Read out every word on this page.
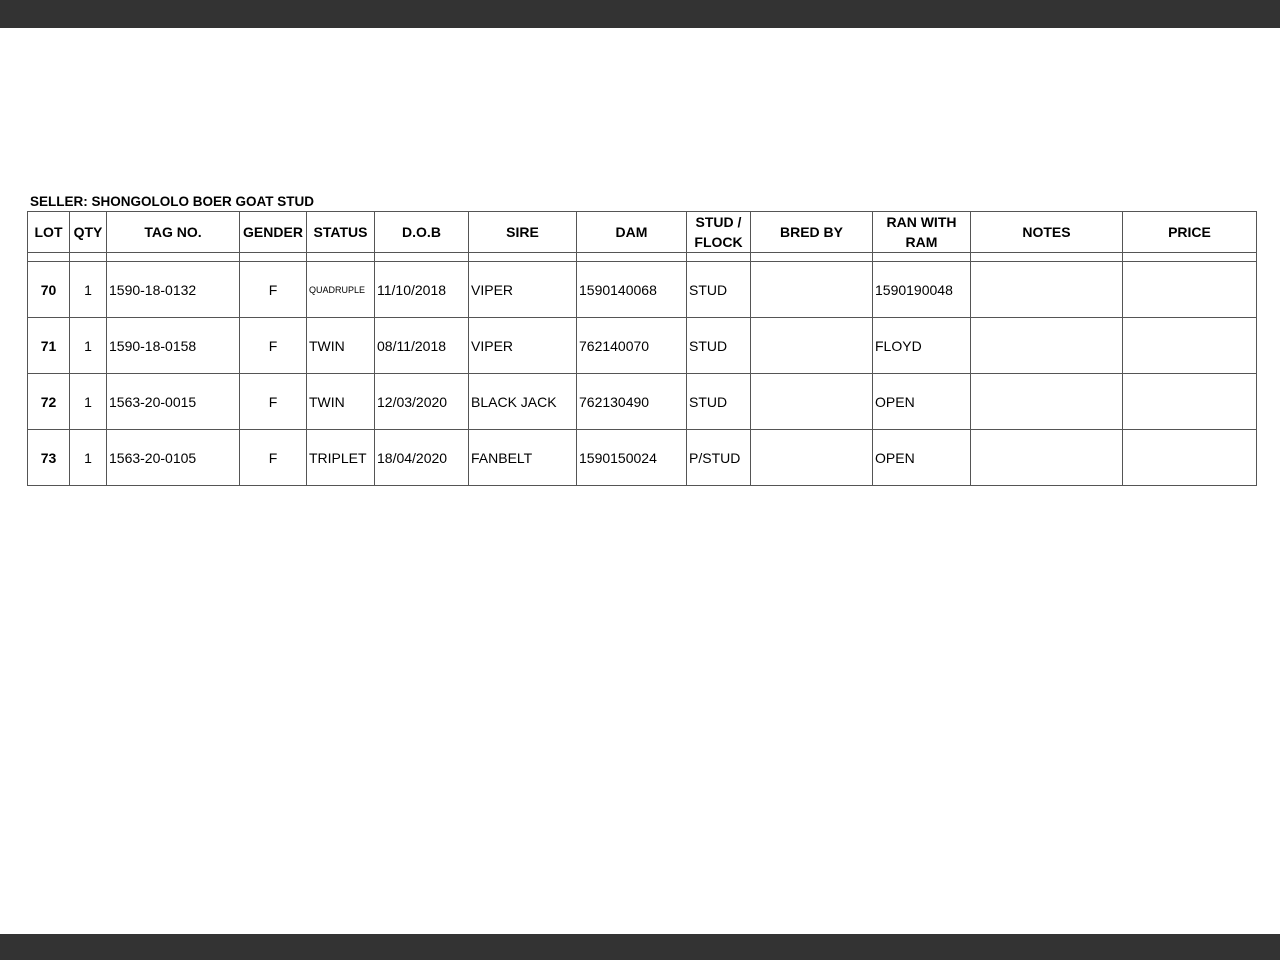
SELLER: SHONGOLOLO BOER GOAT STUD
LOT	QTY	TAG NO.	GENDER	STATUS	D.O.B	SIRE	DAM	STUD / FLOCK	BRED BY	RAN WITH RAM	NOTES	PRICE

70	1	1590-18-0132	F	QUADRUPLE	11/10/2018	VIPER	1590140068	STUD		1590190048		
71	1	1590-18-0158	F	TWIN	08/11/2018	VIPER	762140070	STUD		FLOYD		
72	1	1563-20-0015	F	TWIN	12/03/2020	BLACK JACK	762130490	STUD		OPEN		
73	1	1563-20-0105	F	TRIPLET	18/04/2020	FANBELT	1590150024	P/STUD		OPEN		
